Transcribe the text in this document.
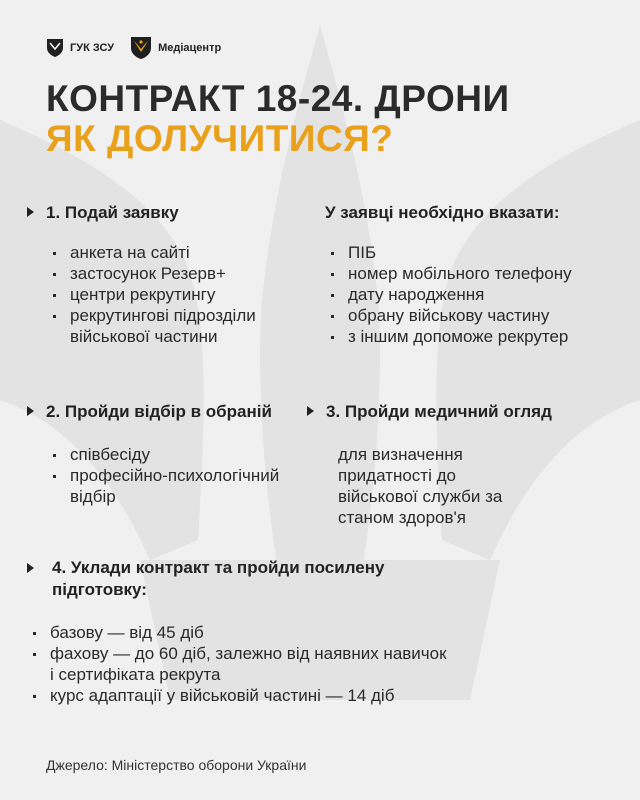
ГУК ЗСУ	Медіацентр
КОНТРАКТ 18-24. ДРОНИ
ЯК ДОЛУЧИТИСЯ?
1. Подай заявку
анкета на сайті
застосунок Резерв+
центри рекрутингу
рекрутингові підрозділи військової частини
У заявці необхідно вказати:
ПІБ
номер мобільного телефону
дату народження
обрану військову частину
з іншим допоможе рекрутер
2. Пройди відбір в обраній
співбесіду
професійно-психологічний відбір
3. Пройди медичний огляд

для визначення придатності до військової служби за станом здоров'я

4. Уклади контракт та пройди посилену підготовку:
базову — від 45 діб
фахову — до 60 діб, залежно від наявних навичок і сертифіката рекрута
курс адаптації у військовій частині — 14 діб
Джерело: Міністерство оборони України
